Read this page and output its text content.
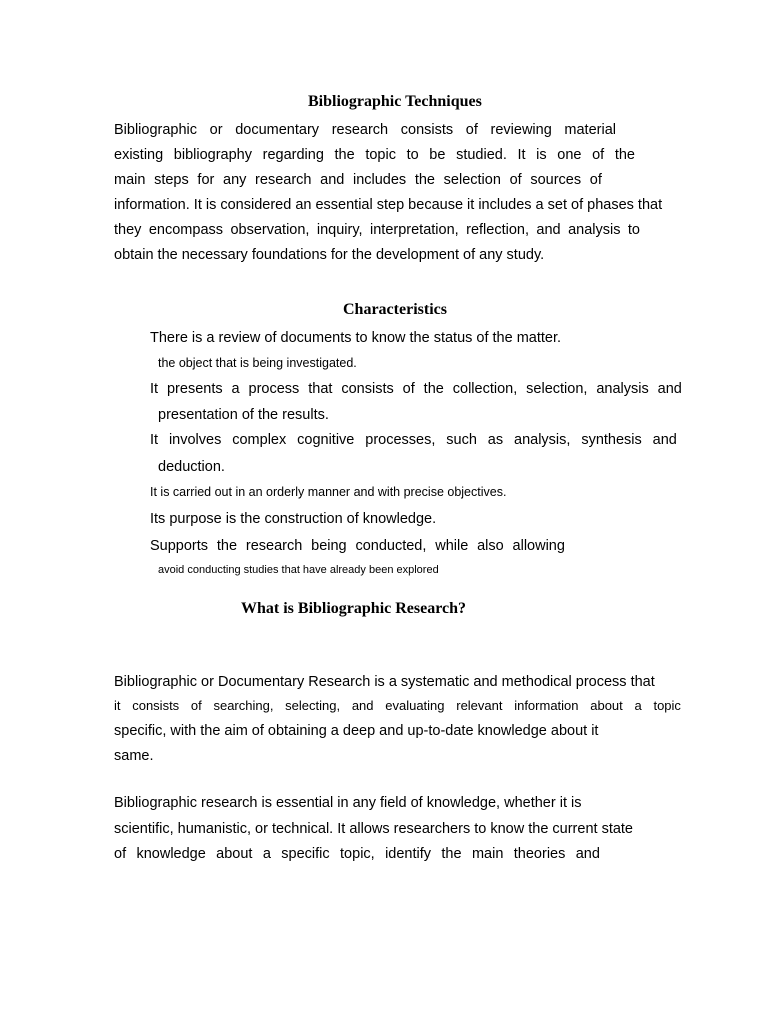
Bibliographic Techniques
Bibliographic or documentary research consists of reviewing material
existing bibliography regarding the topic to be studied. It is one of the
main steps for any research and includes the selection of sources of
information. It is considered an essential step because it includes a set of phases that
they encompass observation, inquiry, interpretation, reflection, and analysis to
obtain the necessary foundations for the development of any study.
Characteristics
There is a review of documents to know the status of the matter.
the object that is being investigated.
It presents a process that consists of the collection, selection, analysis and
presentation of the results.
It involves complex cognitive processes, such as analysis, synthesis and
deduction.
It is carried out in an orderly manner and with precise objectives.
Its purpose is the construction of knowledge.
Supports the research being conducted, while also allowing
avoid conducting studies that have already been explored
What is Bibliographic Research?
Bibliographic or Documentary Research is a systematic and methodical process that
it consists of searching, selecting, and evaluating relevant information about a topic
specific, with the aim of obtaining a deep and up-to-date knowledge about it
same.
Bibliographic research is essential in any field of knowledge, whether it is
scientific, humanistic, or technical. It allows researchers to know the current state
of knowledge about a specific topic, identify the main theories and
